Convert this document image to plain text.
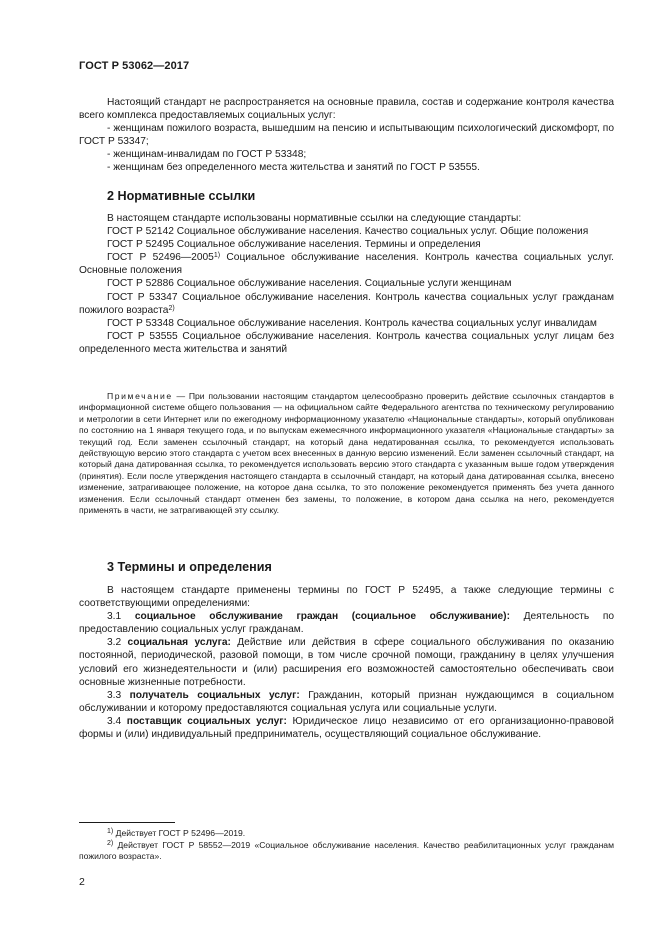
ГОСТ Р 53062—2017

Настоящий стандарт не распространяется на основные правила, состав и содержание контроля качества всего комплекса предоставляемых социальных услуг:

- женщинам пожилого возраста, вышедшим на пенсию и испытывающим психологический дискомфорт, по ГОСТ Р 53347;

- женщинам-инвалидам по ГОСТ Р 53348;

- женщинам без определенного места жительства и занятий по ГОСТ Р 53555.

2 Нормативные ссылки

В настоящем стандарте использованы нормативные ссылки на следующие стандарты:

ГОСТ Р 52142 Социальное обслуживание населения. Качество социальных услуг. Общие положения

ГОСТ Р 52495 Социальное обслуживание населения. Термины и определения

ГОСТ Р 52496—2005$^{1)}$ Социальное обслуживание населения. Контроль качества социальных услуг. Основные положения

ГОСТ Р 52886 Социальное обслуживание населения. Социальные услуги женщинам

ГОСТ Р 53347 Социальное обслуживание населения. Контроль качества социальных услуг гражданам пожилого возраста$^{2)}$

ГОСТ Р 53348 Социальное обслуживание населения. Контроль качества социальных услуг инвалидам

ГОСТ Р 53555 Социальное обслуживание населения. Контроль качества социальных услуг лицам без определенного места жительства и занятий

Примечание — При пользовании настоящим стандартом целесообразно проверить действие ссылочных стандартов в информационной системе общего пользования — на официальном сайте Федерального агентства по техническому регулированию и метрологии в сети Интернет или по ежегодному информационному указателю «Национальные стандарты», который опубликован по состоянию на 1 января текущего года, и по выпускам ежемесячного информационного указателя «Национальные стандарты» за текущий год. Если заменен ссылочный стандарт, на который дана недатированная ссылка, то рекомендуется использовать действующую версию этого стандарта с учетом всех внесенных в данную версию изменений. Если заменен ссылочный стандарт, на который дана датированная ссылка, то рекомендуется использовать версию этого стандарта с указанным выше годом утверждения (принятия). Если после утверждения настоящего стандарта в ссылочный стандарт, на который дана датированная ссылка, внесено изменение, затрагивающее положение, на которое дана ссылка, то это положение рекомендуется применять без учета данного изменения. Если ссылочный стандарт отменен без замены, то положение, в котором дана ссылка на него, рекомендуется применять в части, не затрагивающей эту ссылку.

3 Термины и определения

В настоящем стандарте применены термины по ГОСТ Р 52495, а также следующие термины с соответствующими определениями:

3.1 социальное обслуживание граждан (социальное обслуживание): Деятельность по предоставлению социальных услуг гражданам.

3.2 социальная услуга: Действие или действия в сфере социального обслуживания по оказанию постоянной, периодической, разовой помощи, в том числе срочной помощи, гражданину в целях улучшения условий его жизнедеятельности и (или) расширения его возможностей самостоятельно обеспечивать свои основные жизненные потребности.

3.3 получатель социальных услуг: Гражданин, который признан нуждающимся в социальном обслуживании и которому предоставляются социальная услуга или социальные услуги.

3.4 поставщик социальных услуг: Юридическое лицо независимо от его организационно-правовой формы и (или) индивидуальный предприниматель, осуществляющий социальное обслуживание.

$^{1)}$ Действует ГОСТ Р 52496—2019.

$^{2)}$ Действует ГОСТ Р 58552—2019 «Социальное обслуживание населения. Качество реабилитационных услуг гражданам пожилого возраста».

2
